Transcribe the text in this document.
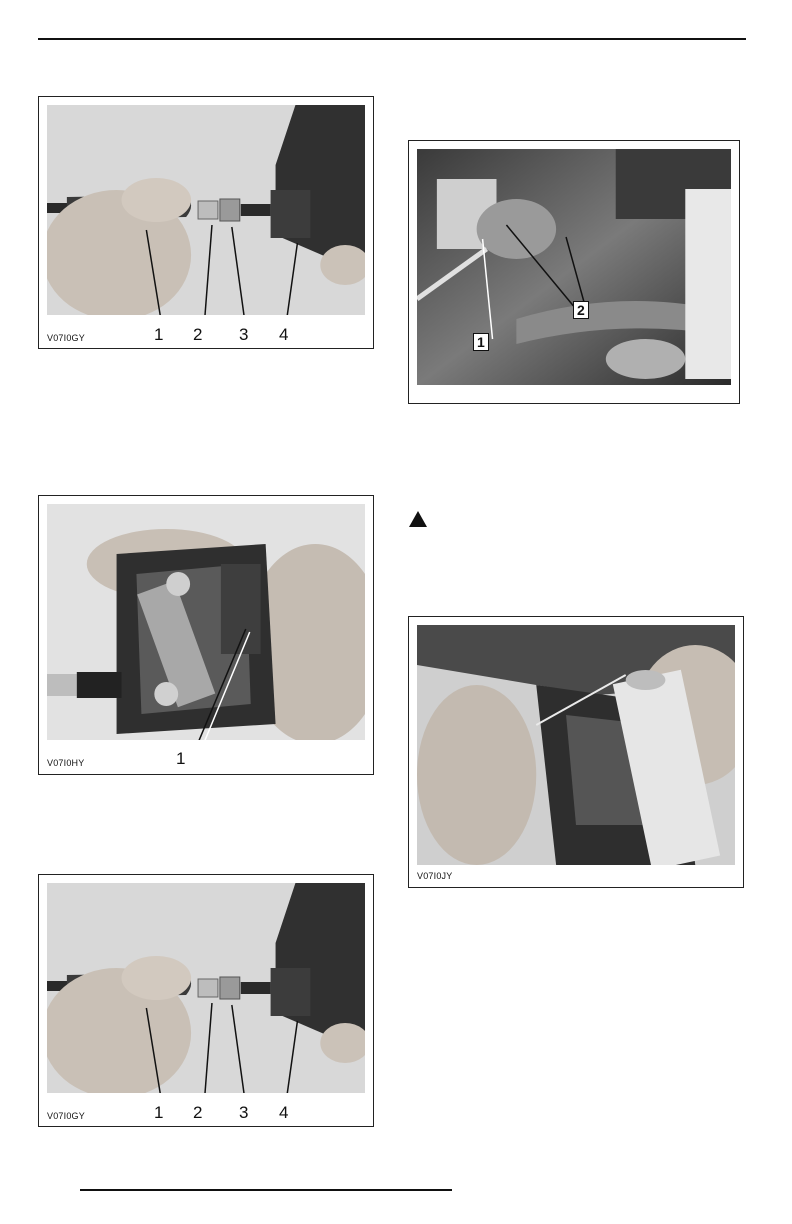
V07I0GY	1 2 3 4	1
2
V07I0HY	1
V07I0JY
V07I0GY	1 2 3 4
